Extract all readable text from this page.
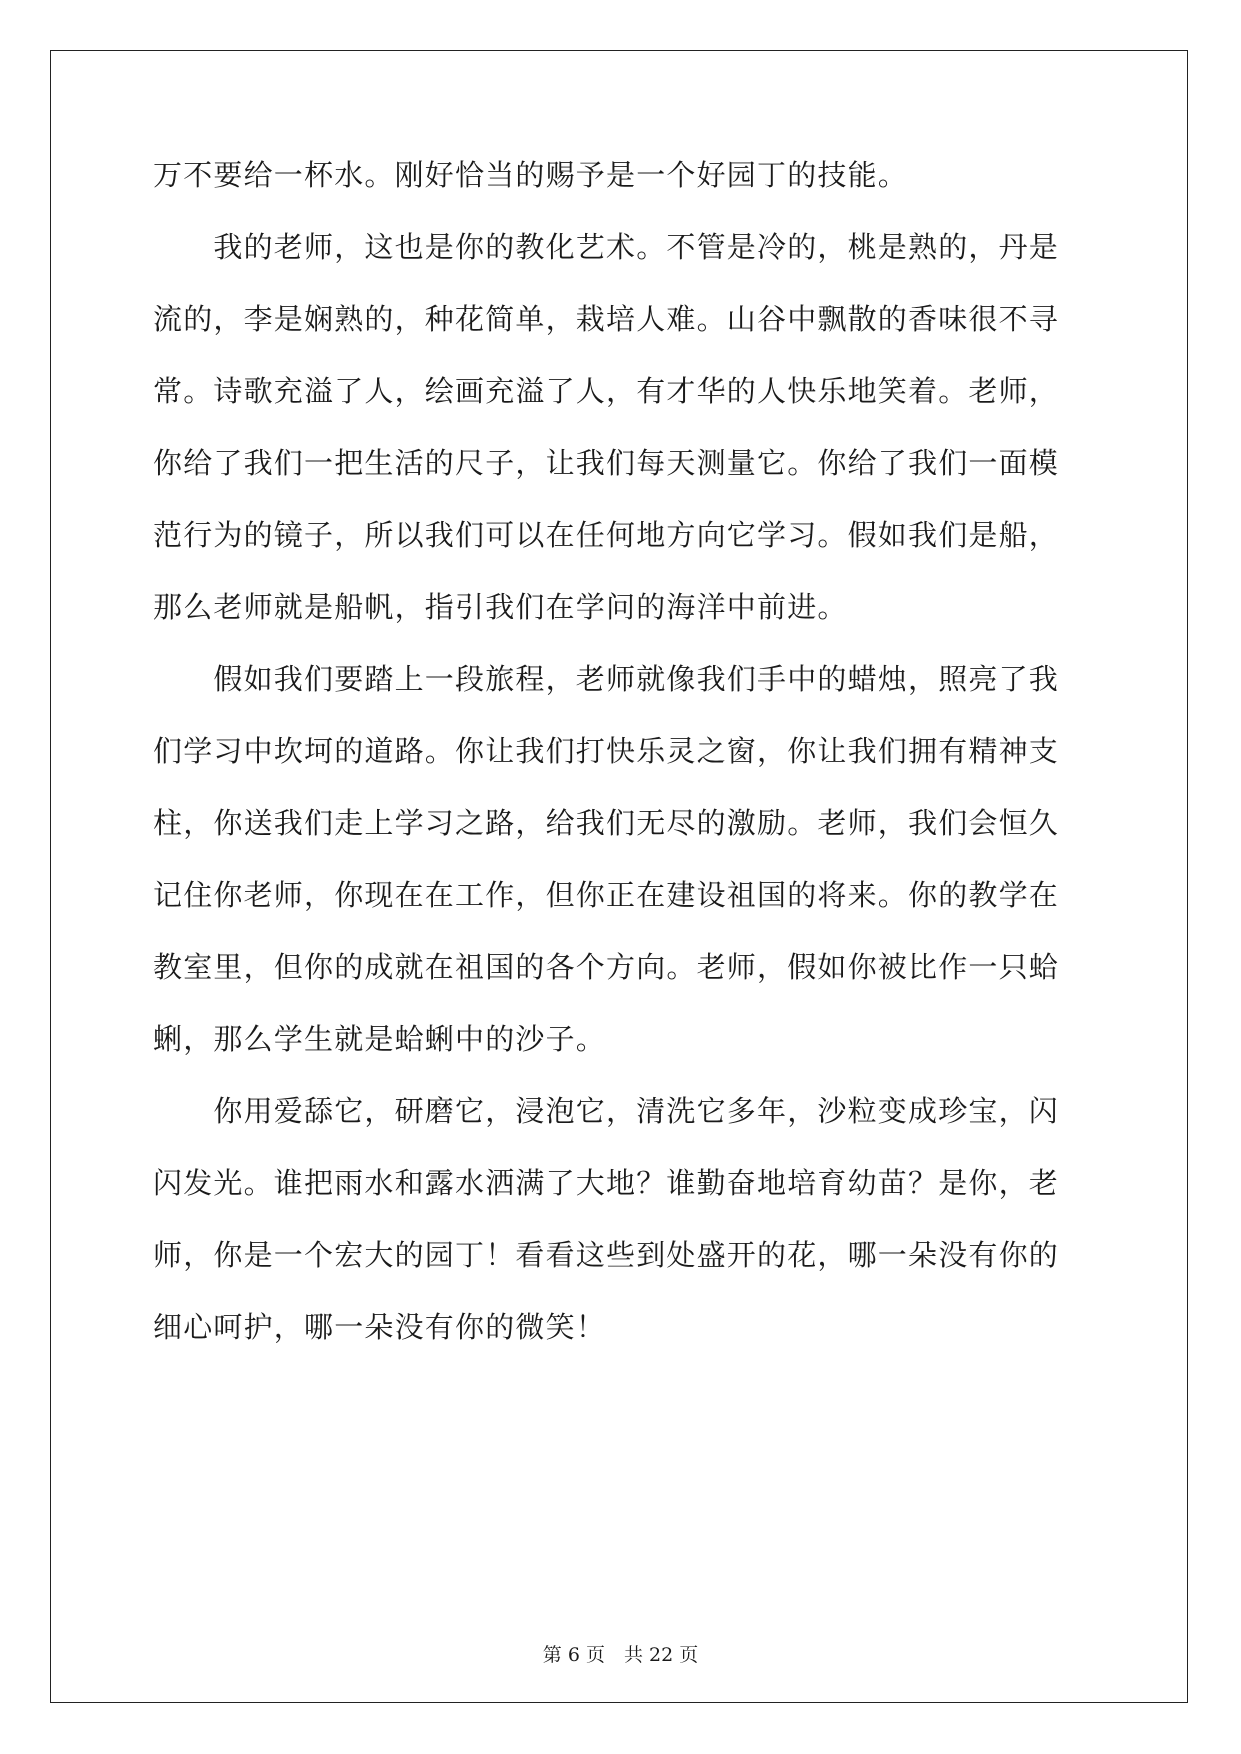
万不要给一杯水。刚好恰当的赐予是一个好园丁的技能。
　　我的老师，这也是你的教化艺术。不管是冷的，桃是熟的，丹是
流的，李是娴熟的，种花简单，栽培人难。山谷中飘散的香味很不寻
常。诗歌充溢了人，绘画充溢了人，有才华的人快乐地笑着。老师，
你给了我们一把生活的尺子，让我们每天测量它。你给了我们一面模
范行为的镜子，所以我们可以在任何地方向它学习。假如我们是船，
那么老师就是船帆，指引我们在学问的海洋中前进。
　　假如我们要踏上一段旅程，老师就像我们手中的蜡烛，照亮了我
们学习中坎坷的道路。你让我们打快乐灵之窗，你让我们拥有精神支
柱，你送我们走上学习之路，给我们无尽的激励。老师，我们会恒久
记住你老师，你现在在工作，但你正在建设祖国的将来。你的教学在
教室里，但你的成就在祖国的各个方向。老师，假如你被比作一只蛤
蜊，那么学生就是蛤蜊中的沙子。
　　你用爱舔它，研磨它，浸泡它，清洗它多年，沙粒变成珍宝，闪
闪发光。谁把雨水和露水洒满了大地？谁勤奋地培育幼苗？是你，老
师，你是一个宏大的园丁！看看这些到处盛开的花，哪一朵没有你的
细心呵护，哪一朵没有你的微笑！
第 6 页　共 22 页
